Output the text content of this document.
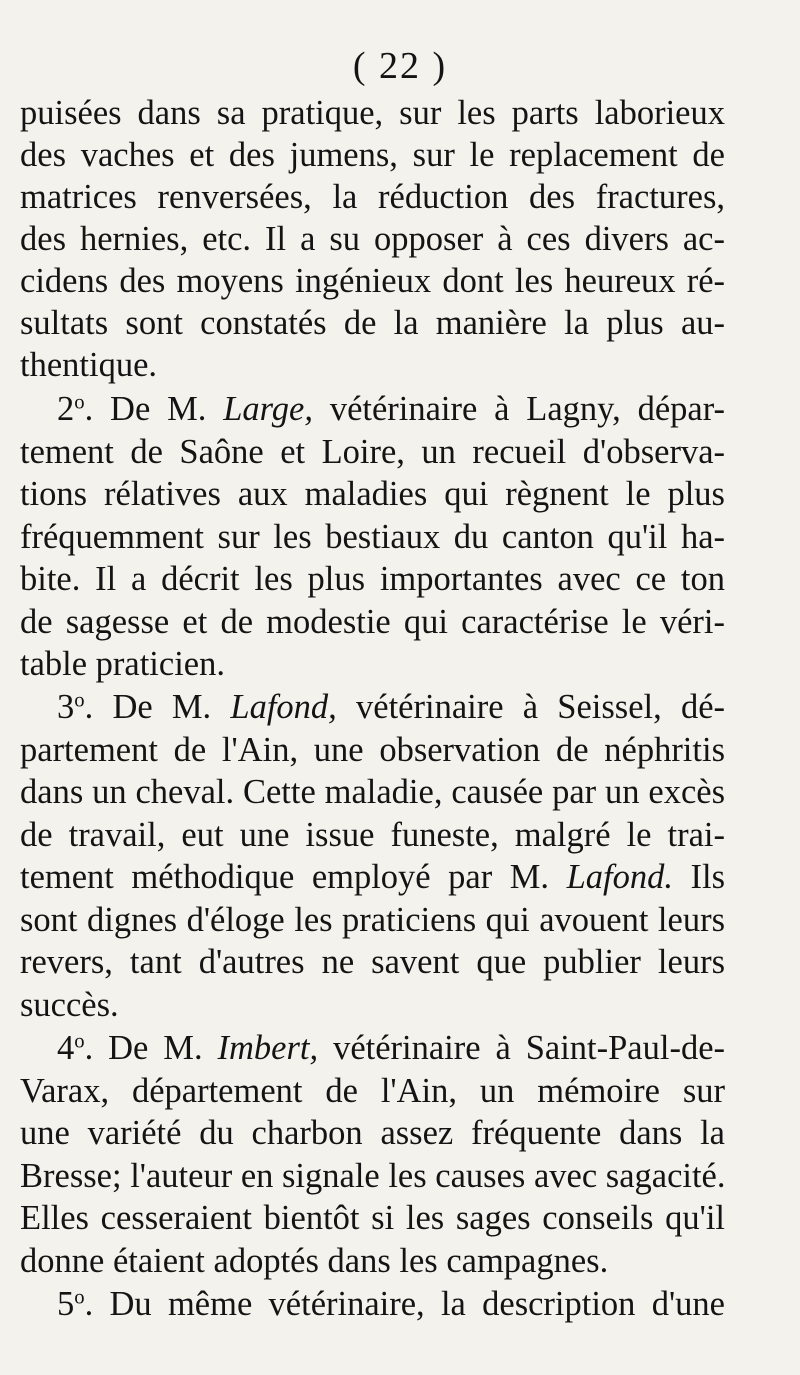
( 22 )
puisées dans sa pratique, sur les parts laborieux
des vaches et des jumens, sur le replacement de
matrices renversées, la réduction des fractures,
des hernies, etc. Il a su opposer à ces divers ac-
cidens des moyens ingénieux dont les heureux ré-
sultats sont constatés de la manière la plus au-
thentique.
2$^o$. De M. Large, vétérinaire à Lagny, dépar-
tement de Saône et Loire, un recueil d'observa-
tions rélatives aux maladies qui règnent le plus
fréquemment sur les bestiaux du canton qu'il ha-
bite. Il a décrit les plus importantes avec ce ton
de sagesse et de modestie qui caractérise le véri-
table praticien.
3$^o$. De M. Lafond, vétérinaire à Seissel, dé-
partement de l'Ain, une observation de néphritis
dans un cheval. Cette maladie, causée par un excès
de travail, eut une issue funeste, malgré le trai-
tement méthodique employé par M. Lafond. Ils
sont dignes d'éloge les praticiens qui avouent leurs
revers, tant d'autres ne savent que publier leurs
succès.
4$^o$. De M. Imbert, vétérinaire à Saint-Paul-de-
Varax, département de l'Ain, un mémoire sur
une variété du charbon assez fréquente dans la
Bresse; l'auteur en signale les causes avec sagacité.
Elles cesseraient bientôt si les sages conseils qu'il
donne étaient adoptés dans les campagnes.
5$^o$. Du même vétérinaire, la description d'une
